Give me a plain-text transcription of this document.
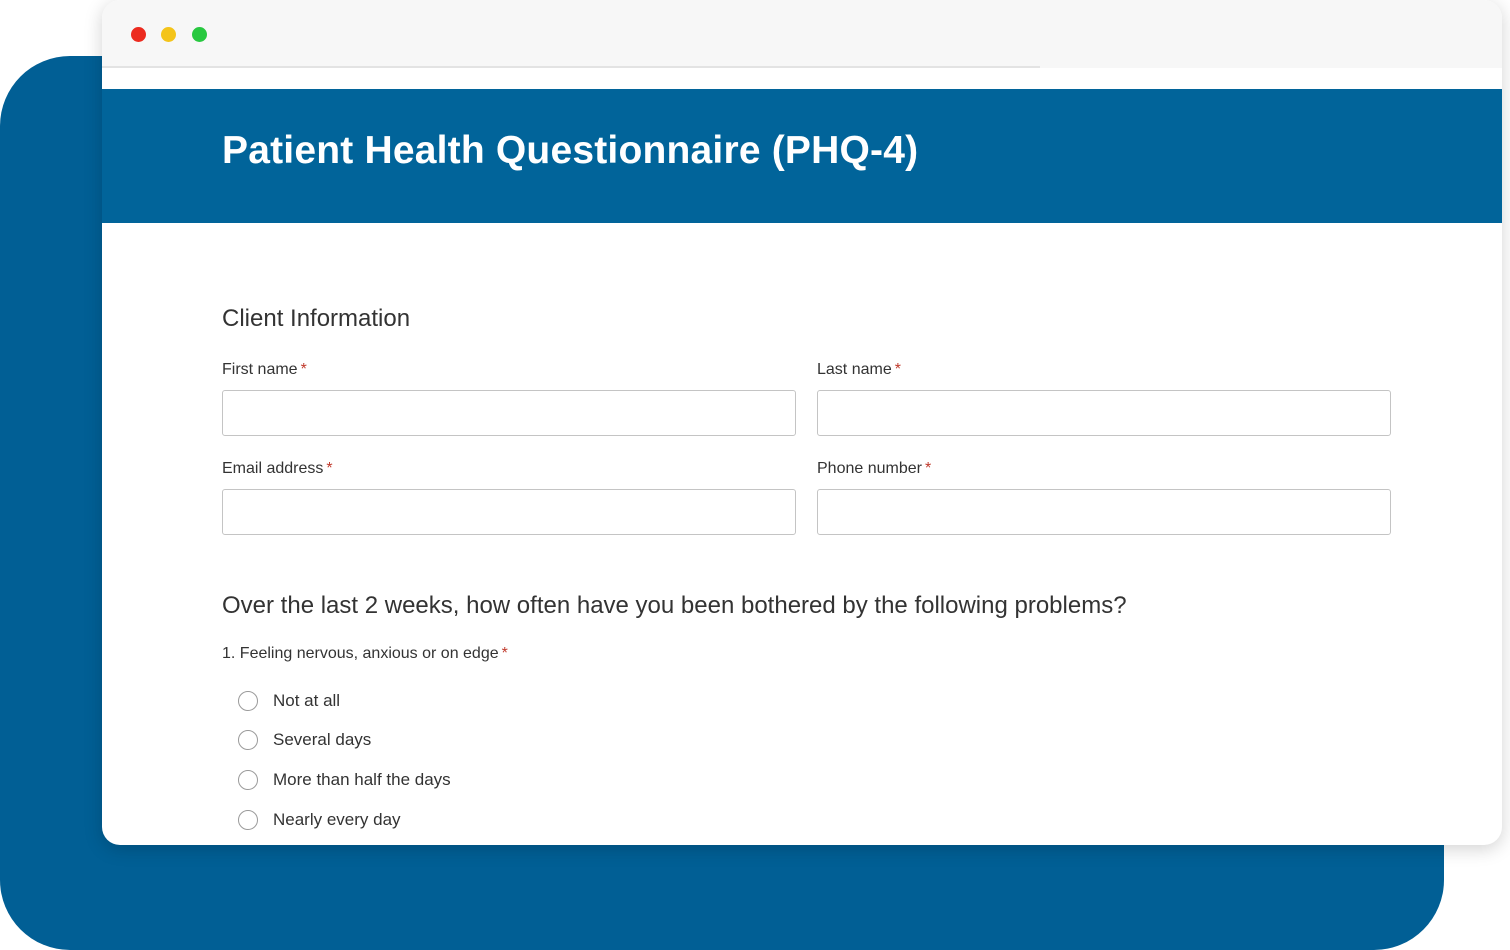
Patient Health Questionnaire (PHQ-4)
Client Information
First name *	Last name *
Email address *	Phone number *
Over the last 2 weeks, how often have you been bothered by the following problems?
1. Feeling nervous, anxious or on edge *
Not at all
Several days
More than half the days
Nearly every day
